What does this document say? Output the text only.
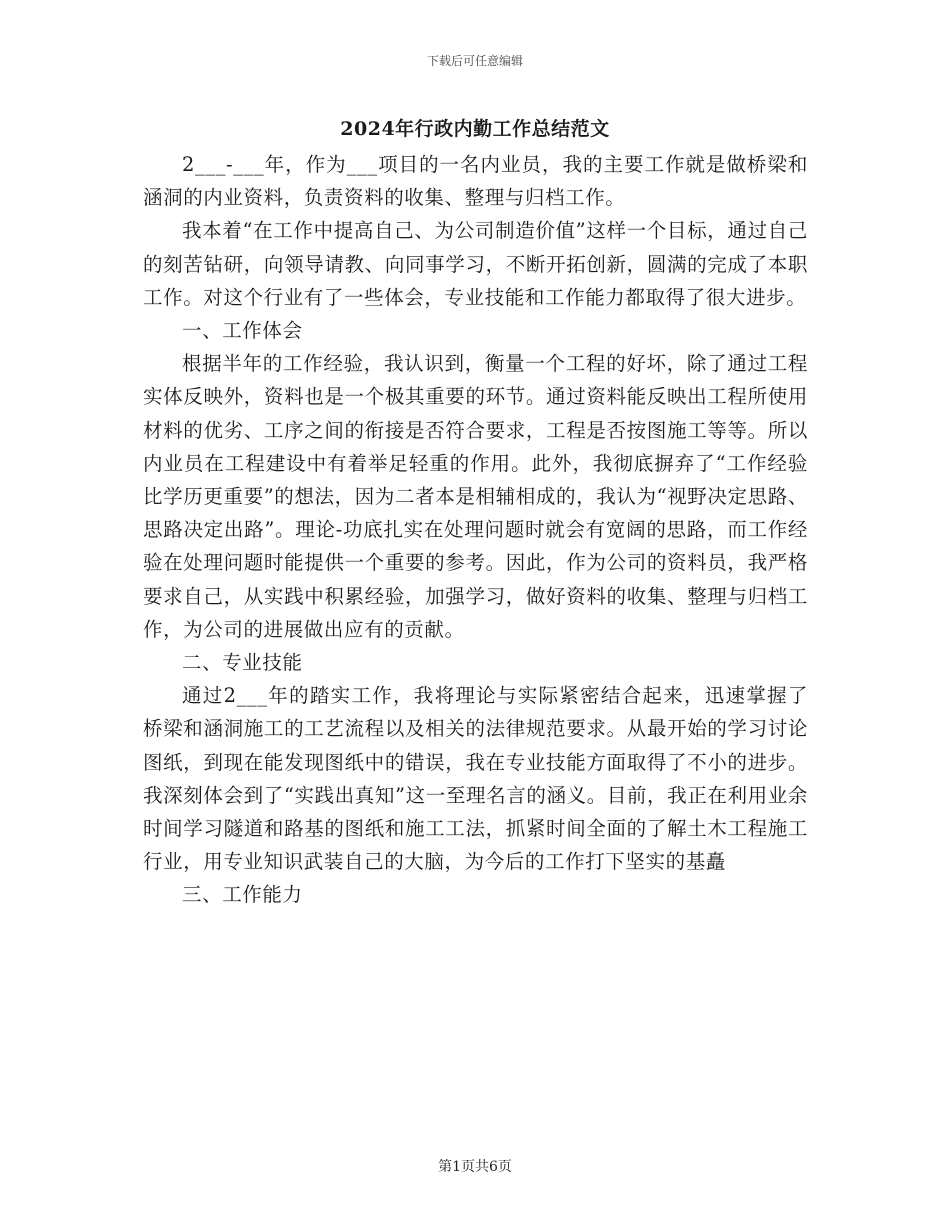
下载后可任意编辑
2024年行政内勤工作总结范文

2___-___年，作为___项目的一名内业员，我的主要工作就是做桥梁和涵洞的内业资料，负责资料的收集、整理与归档工作。

我本着“在工作中提高自己、为公司制造价值”这样一个目标，通过自己的刻苦钻研，向领导请教、向同事学习，不断开拓创新，圆满的完成了本职工作。对这个行业有了一些体会，专业技能和工作能力都取得了很大进步。

一、工作体会

根据半年的工作经验，我认识到，衡量一个工程的好坏，除了通过工程实体反映外，资料也是一个极其重要的环节。通过资料能反映出工程所使用材料的优劣、工序之间的衔接是否符合要求，工程是否按图施工等等。所以内业员在工程建设中有着举足轻重的作用。此外，我彻底摒弃了“工作经验比学历更重要”的想法，因为二者本是相辅相成的，我认为“视野决定思路、思路决定出路”。理论-功底扎实在处理问题时就会有宽阔的思路，而工作经验在处理问题时能提供一个重要的参考。因此，作为公司的资料员，我严格要求自己，从实践中积累经验，加强学习，做好资料的收集、整理与归档工作，为公司的进展做出应有的贡献。

二、专业技能

通过2___年的踏实工作，我将理论与实际紧密结合起来，迅速掌握了桥梁和涵洞施工的工艺流程以及相关的法律规范要求。从最开始的学习讨论图纸，到现在能发现图纸中的错误，我在专业技能方面取得了不小的进步。我深刻体会到了“实践出真知”这一至理名言的涵义。目前，我正在利用业余时间学习隧道和路基的图纸和施工工法，抓紧时间全面的了解土木工程施工行业，用专业知识武装自己的大脑，为今后的工作打下坚实的基矗

三、工作能力

第1页共6页
